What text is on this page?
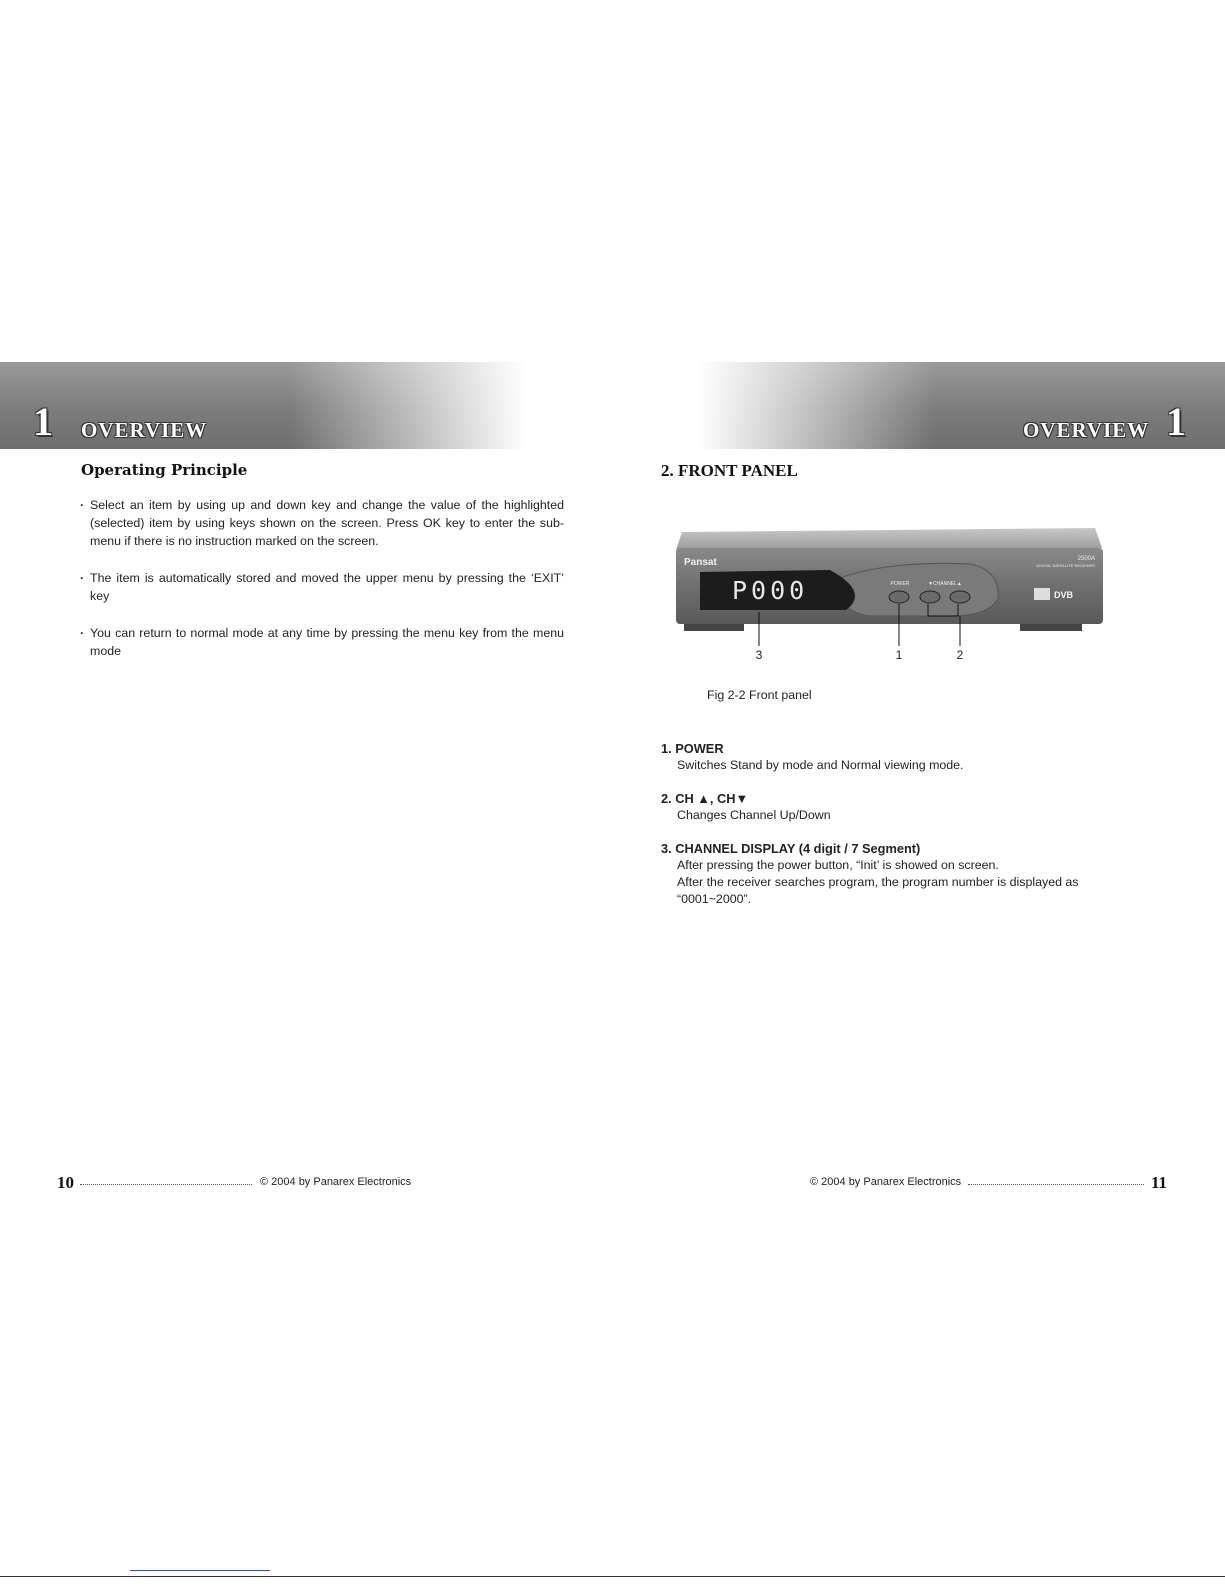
1 OVERVIEW	OVERVIEW 1
Operating Principle
· Select an item by using up and down key and change the value of the highlighted (selected) item by using keys shown on the screen. Press OK key to enter the sub-menu if there is no instruction marked on the screen.
· The item is automatically stored and moved the upper menu by pressing the ‘EXIT’ key
· You can return to normal mode at any time by pressing the menu key from the menu mode
2. FRONT PANEL
P000
Pansat	2500A
DIGITAL SATELLITE RECEIVER
POWER	▼CHANNEL▲
DVB
3	1	2
Fig 2-2 Front panel
1. POWER
Switches Stand by mode and Normal viewing mode.
2. CH ▲, CH▼
Changes Channel Up/Down
3. CHANNEL DISPLAY (4 digit / 7 Segment)
After pressing the power button, “Init’ is showed on screen.
After the receiver searches program, the program number is displayed as “0001~2000”.
10	© 2004 by Panarex Electronics	© 2004 by Panarex Electronics	11
